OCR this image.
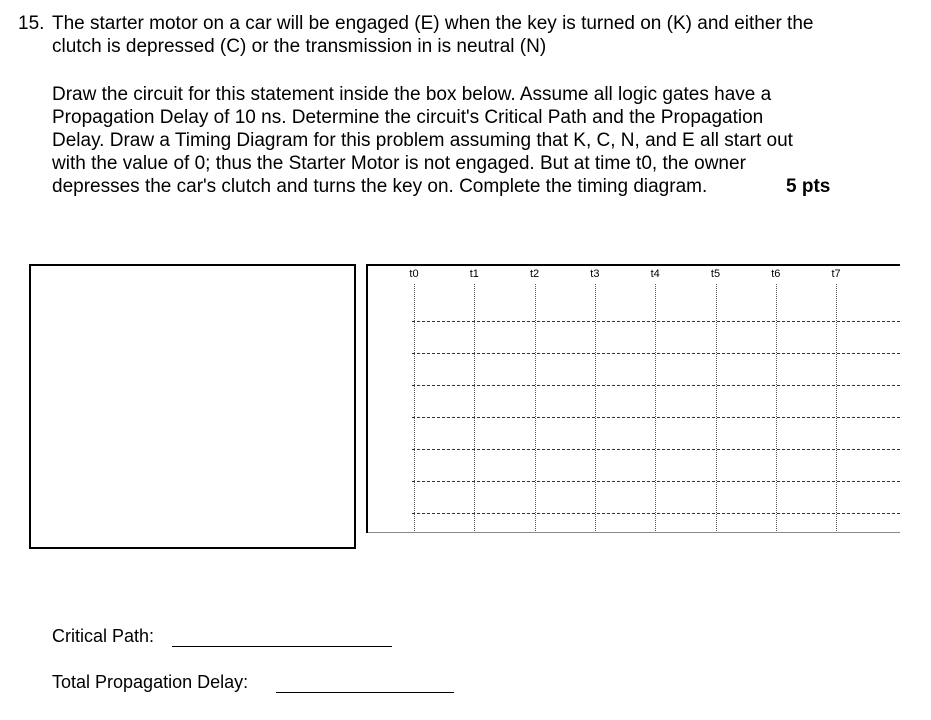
15. The starter motor on a car will be engaged (E) when the key is turned on (K) and either the
clutch is depressed (C) or the transmission in is neutral (N)
Draw the circuit for this statement inside the box below. Assume all logic gates have a
Propagation Delay of 10 ns. Determine the circuit's Critical Path and the Propagation
Delay. Draw a Timing Diagram for this problem assuming that K, C, N, and E all start out
with the value of 0; thus the Starter Motor is not engaged. But at time t0, the owner
depresses the car's clutch and turns the key on. Complete the timing diagram.	5 pts
t0	t1	t2	t3	t4	t5	t6	t7
Critical Path:
Total Propagation Delay:
